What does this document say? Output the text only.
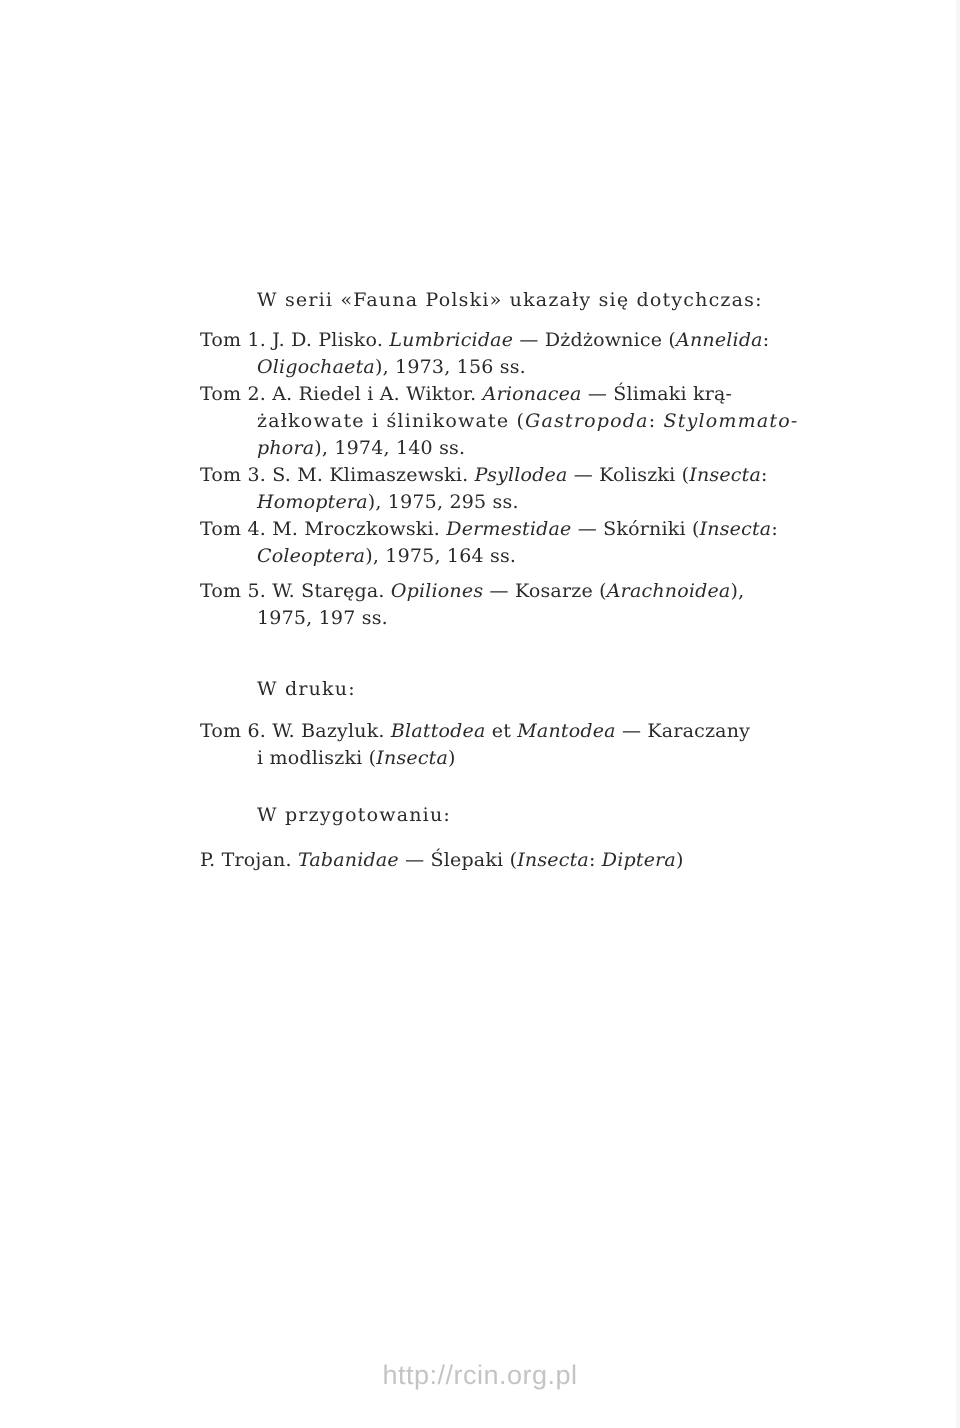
W serii «Fauna Polski» ukazały się dotychczas:
Tom 1. J. D. Plisko. Lumbricidae — Dżdżownice (Annelida:
Oligochaeta), 1973, 156 ss.
Tom 2. A. Riedel i A. Wiktor. Arionacea — Ślimaki krą-
żałkowate i ślinikowate (Gastropoda: Stylommato-
phora), 1974, 140 ss.
Tom 3. S. M. Klimaszewski. Psyllodea — Koliszki (Insecta:
Homoptera), 1975, 295 ss.
Tom 4. M. Mroczkowski. Dermestidae — Skórniki (Insecta:
Coleoptera), 1975, 164 ss.
Tom 5. W. Staręga. Opiliones — Kosarze (Arachnoidea),
1975, 197 ss.
W druku:
Tom 6. W. Bazyluk. Blattodea et Mantodea — Karaczany
i modliszki (Insecta)
W przygotowaniu:
P. Trojan. Tabanidae — Ślepaki (Insecta: Diptera)
http://rcin.org.pl
